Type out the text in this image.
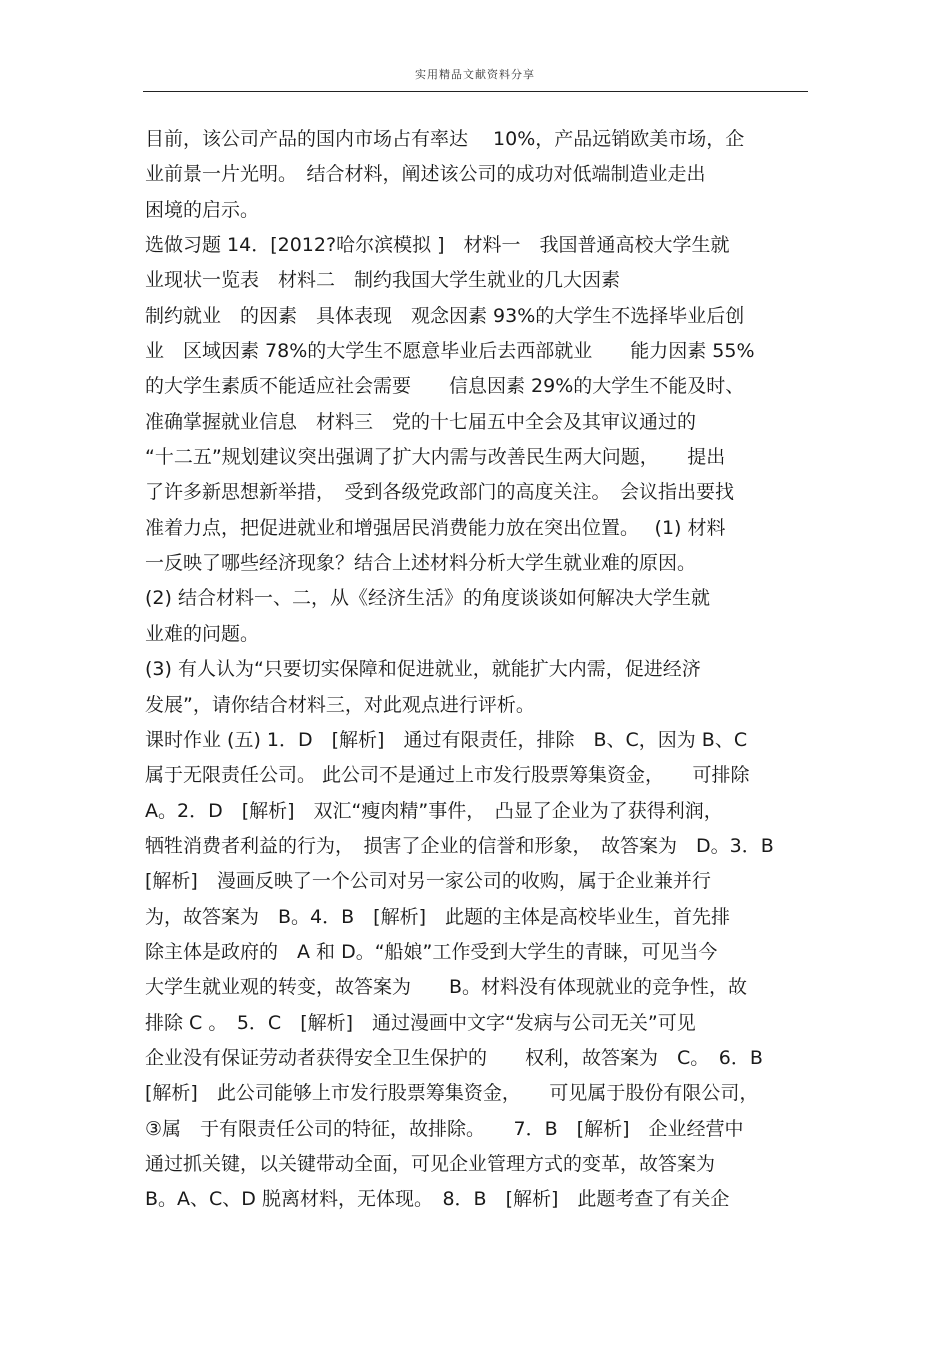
实用精品文献资料分享
目前，该公司产品的国内市场占有率达　 10%，产品远销欧美市场，企
业前景一片光明。　结合材料，阐述该公司的成功对低端制造业走出
困境的启示。
选做习题 14．[2012?哈尔滨模拟 ]　材料一　我国普通高校大学生就
业现状一览表　材料二　制约我国大学生就业的几大因素
制约就业　的因素　具体表现　观念因素 93%的大学生不选择毕业后创
业　区域因素 78%的大学生不愿意毕业后去西部就业　　能力因素 55%
的大学生素质不能适应社会需要　　信息因素 29%的大学生不能及时、
准确掌握就业信息　材料三　党的十七届五中全会及其审议通过的
“十二五”规划建议突出强调了扩大内需与改善民生两大问题，　　提出
了许多新思想新举措，　受到各级党政部门的高度关注。　会议指出要找
准着力点，把促进就业和增强居民消费能力放在突出位置。　 (1) 材料
一反映了哪些经济现象？结合上述材料分析大学生就业难的原因。
(2) 结合材料一、二，从《经济生活》的角度谈谈如何解决大学生就
业难的问题。
(3) 有人认为“只要切实保障和促进就业，就能扩大内需，促进经济
发展”，请你结合材料三，对此观点进行评析。
课时作业 (五) 1．D　[解析]　通过有限责任，排除　B、C，因为 B、C
属于无限责任公司。 此公司不是通过上市发行股票筹集资金，　　可排除
A。2．D　[解析]　双汇“瘦肉精”事件，　凸显了企业为了获得利润，
牺牲消费者利益的行为，　损害了企业的信誉和形象，　故答案为　D。3．B
[解析]　漫画反映了一个公司对另一家公司的收购，属于企业兼并行
为，故答案为　B。4．B　[解析]　此题的主体是高校毕业生，首先排
除主体是政府的　A 和 D。“船娘”工作受到大学生的青睐，可见当今
大学生就业观的转变，故答案为　　B。材料没有体现就业的竞争性，故
排除 C 。　5．C　[解析]　通过漫画中文字“发病与公司无关”可见
企业没有保证劳动者获得安全卫生保护的　　权利，故答案为　C。　6．B
[解析]　此公司能够上市发行股票筹集资金，　　可见属于股份有限公司，
③属　于有限责任公司的特征，故排除。　　7．B　[解析]　企业经营中
通过抓关键，以关键带动全面，可见企业管理方式的变革，故答案为
B。A、C、D 脱离材料，无体现。　8．B　[解析]　此题考查了有关企
